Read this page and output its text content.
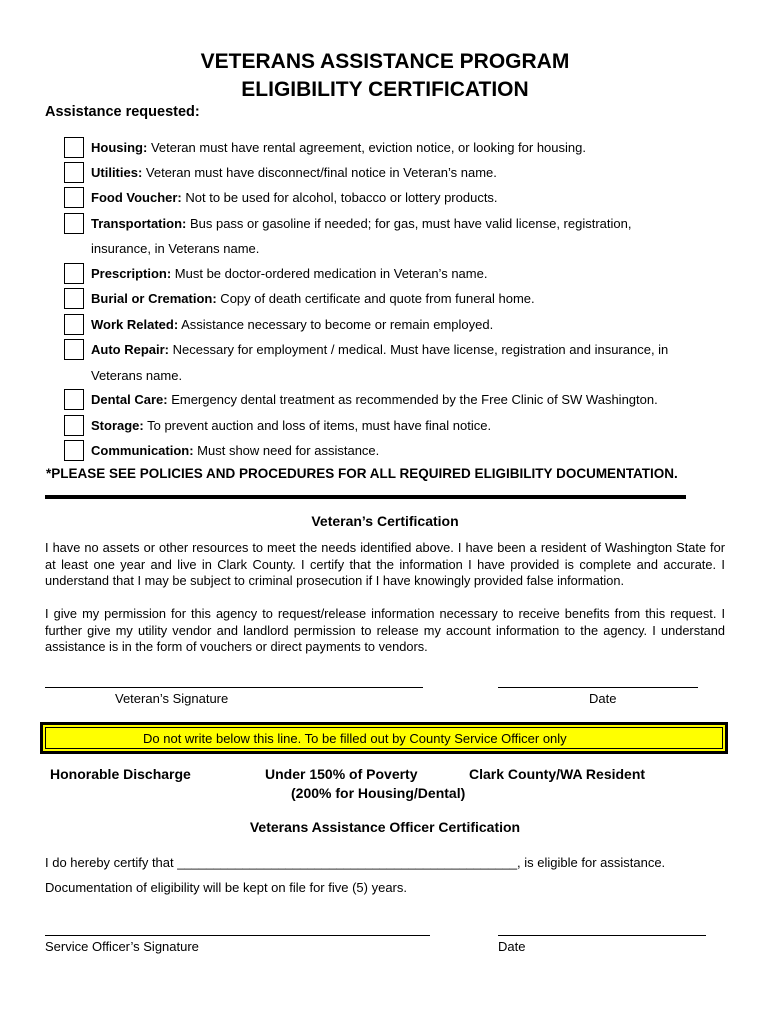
VETERANS ASSISTANCE PROGRAM
ELIGIBILITY CERTIFICATION
Assistance requested:
Housing: Veteran must have rental agreement, eviction notice, or looking for housing.
Utilities: Veteran must have disconnect/final notice in Veteran’s name.
Food Voucher: Not to be used for alcohol, tobacco or lottery products.
Transportation: Bus pass or gasoline if needed; for gas, must have valid license, registration,
insurance, in Veterans name.
Prescription: Must be doctor-ordered medication in Veteran’s name.
Burial or Cremation: Copy of death certificate and quote from funeral home.
Work Related: Assistance necessary to become or remain employed.
Auto Repair: Necessary for employment / medical. Must have license, registration and insurance, in
Veterans name.
Dental Care: Emergency dental treatment as recommended by the Free Clinic of SW Washington.
Storage: To prevent auction and loss of items, must have final notice.
Communication: Must show need for assistance.
*PLEASE SEE POLICIES AND PROCEDURES FOR ALL REQUIRED ELIGIBILITY DOCUMENTATION.
Veteran’s Certification
I have no assets or other resources to meet the needs identified above. I have been a resident of Washington State for at least one year and live in Clark County. I certify that the information I have provided is complete and accurate. I understand that I may be subject to criminal prosecution if I have knowingly provided false information.
I give my permission for this agency to request/release information necessary to receive benefits from this request. I further give my utility vendor and landlord permission to release my account information to the agency. I understand assistance is in the form of vouchers or direct payments to vendors.
Veteran’s Signature	Date
Do not write below this line. To be filled out by County Service Officer only
Honorable Discharge	Under 150% of Poverty
(200% for Housing/Dental)
Clark County/WA Resident
Veterans Assistance Officer Certification
I do hereby certify that _______________________________________________, is eligible for assistance.
Documentation of eligibility will be kept on file for five (5) years.
Service Officer’s Signature	Date
